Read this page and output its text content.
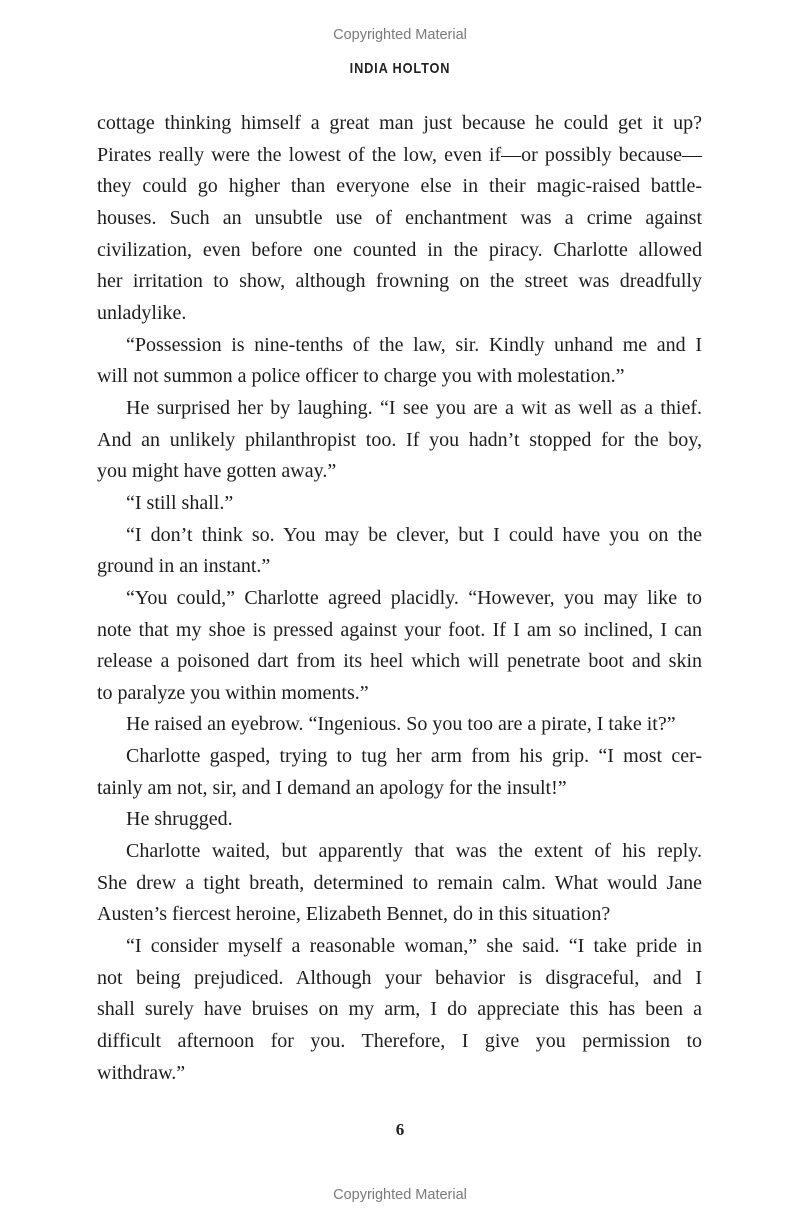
Copyrighted Material
INDIA HOLTON
cottage thinking himself a great man just because he could get it up?
Pirates really were the lowest of the low, even if—or possibly because—
they could go higher than everyone else in their magic-raised battle-
houses. Such an unsubtle use of enchantment was a crime against
civilization, even before one counted in the piracy. Charlotte allowed
her irritation to show, although frowning on the street was dreadfully
unladylike.
“Possession is nine-tenths of the law, sir. Kindly unhand me and I
will not summon a police officer to charge you with molestation.”
He surprised her by laughing. “I see you are a wit as well as a thief.
And an unlikely philanthropist too. If you hadn’t stopped for the boy,
you might have gotten away.”
“I still shall.”
“I don’t think so. You may be clever, but I could have you on the
ground in an instant.”
“You could,” Charlotte agreed placidly. “However, you may like to
note that my shoe is pressed against your foot. If I am so inclined, I can
release a poisoned dart from its heel which will penetrate boot and skin
to paralyze you within moments.”
He raised an eyebrow. “Ingenious. So you too are a pirate, I take it?”
Charlotte gasped, trying to tug her arm from his grip. “I most cer-
tainly am not, sir, and I demand an apology for the insult!”
He shrugged.
Charlotte waited, but apparently that was the extent of his reply.
She drew a tight breath, determined to remain calm. What would Jane
Austen’s fiercest heroine, Elizabeth Bennet, do in this situation?
“I consider myself a reasonable woman,” she said. “I take pride in
not being prejudiced. Although your behavior is disgraceful, and I
shall surely have bruises on my arm, I do appreciate this has been a
difficult afternoon for you. Therefore, I give you permission to
withdraw.”
6
Copyrighted Material
